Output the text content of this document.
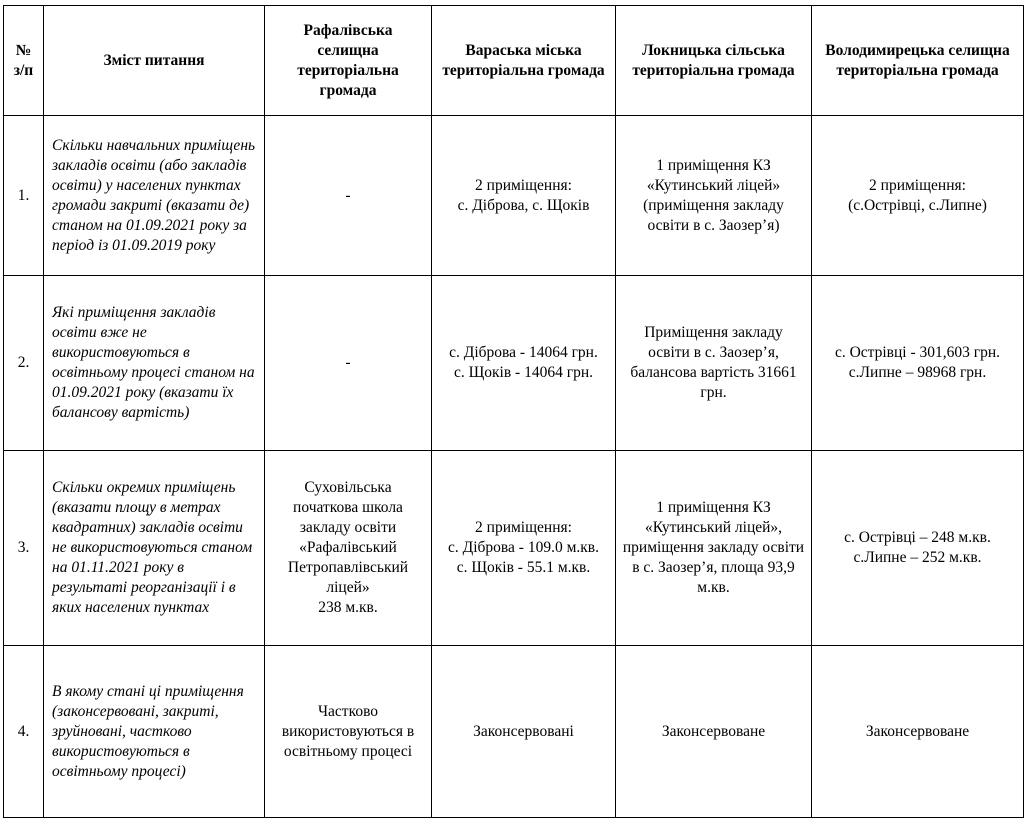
№ з/п	Зміст питання	Рафалівська селищна територіальна громада	Вараська міська територіальна громада	Локницька сільська територіальна громада	Володимирецька селищна територіальна громада
1.	Скільки навчальних приміщень закладів освіти (або закладів освіти) у населених пунктах громади закриті (вказати де) станом на 01.09.2021 року за період із 01.09.2019 року	-	2 приміщення:
с. Діброва, с. Щоків	1 приміщення КЗ «Кутинський ліцей» (приміщення закладу освіти в с. Заозер’я)	2 приміщення:
(с.Острівці, с.Липне)

2.	Які приміщення закладів освіти вже не використовуються в освітньому процесі станом на 01.09.2021 року (вказати їх балансову вартість)	-	с. Діброва - 14064 грн.
с. Щоків - 14064 грн.	Приміщення закладу освіти в с. Заозер’я, балансова вартість 31661 грн.	с. Острівці - 301,603 грн.
с.Липне – 98968 грн.

3.	Скільки окремих приміщень (вказати площу в метрах квадратних) закладів освіти не використовуються станом на 01.11.2021 року в результаті реорганізації і в яких населених пунктах	Суховільська початкова школа закладу освіти «Рафалівський Петропавлівський ліцей»
238 м.кв.	2 приміщення:
с. Діброва - 109.0 м.кв.
с. Щоків - 55.1 м.кв.	1 приміщення КЗ «Кутинський ліцей», приміщення закладу освіти в с. Заозер’я, площа 93,9 м.кв.	с. Острівці – 248 м.кв.
с.Липне – 252 м.кв.

4.	В якому стані ці приміщення (законсервовані, закриті, зруйновані, частково використовуються в освітньому процесі)	Частково використовуються в освітньому процесі	Законсервовані	Законсервоване	Законсервоване
